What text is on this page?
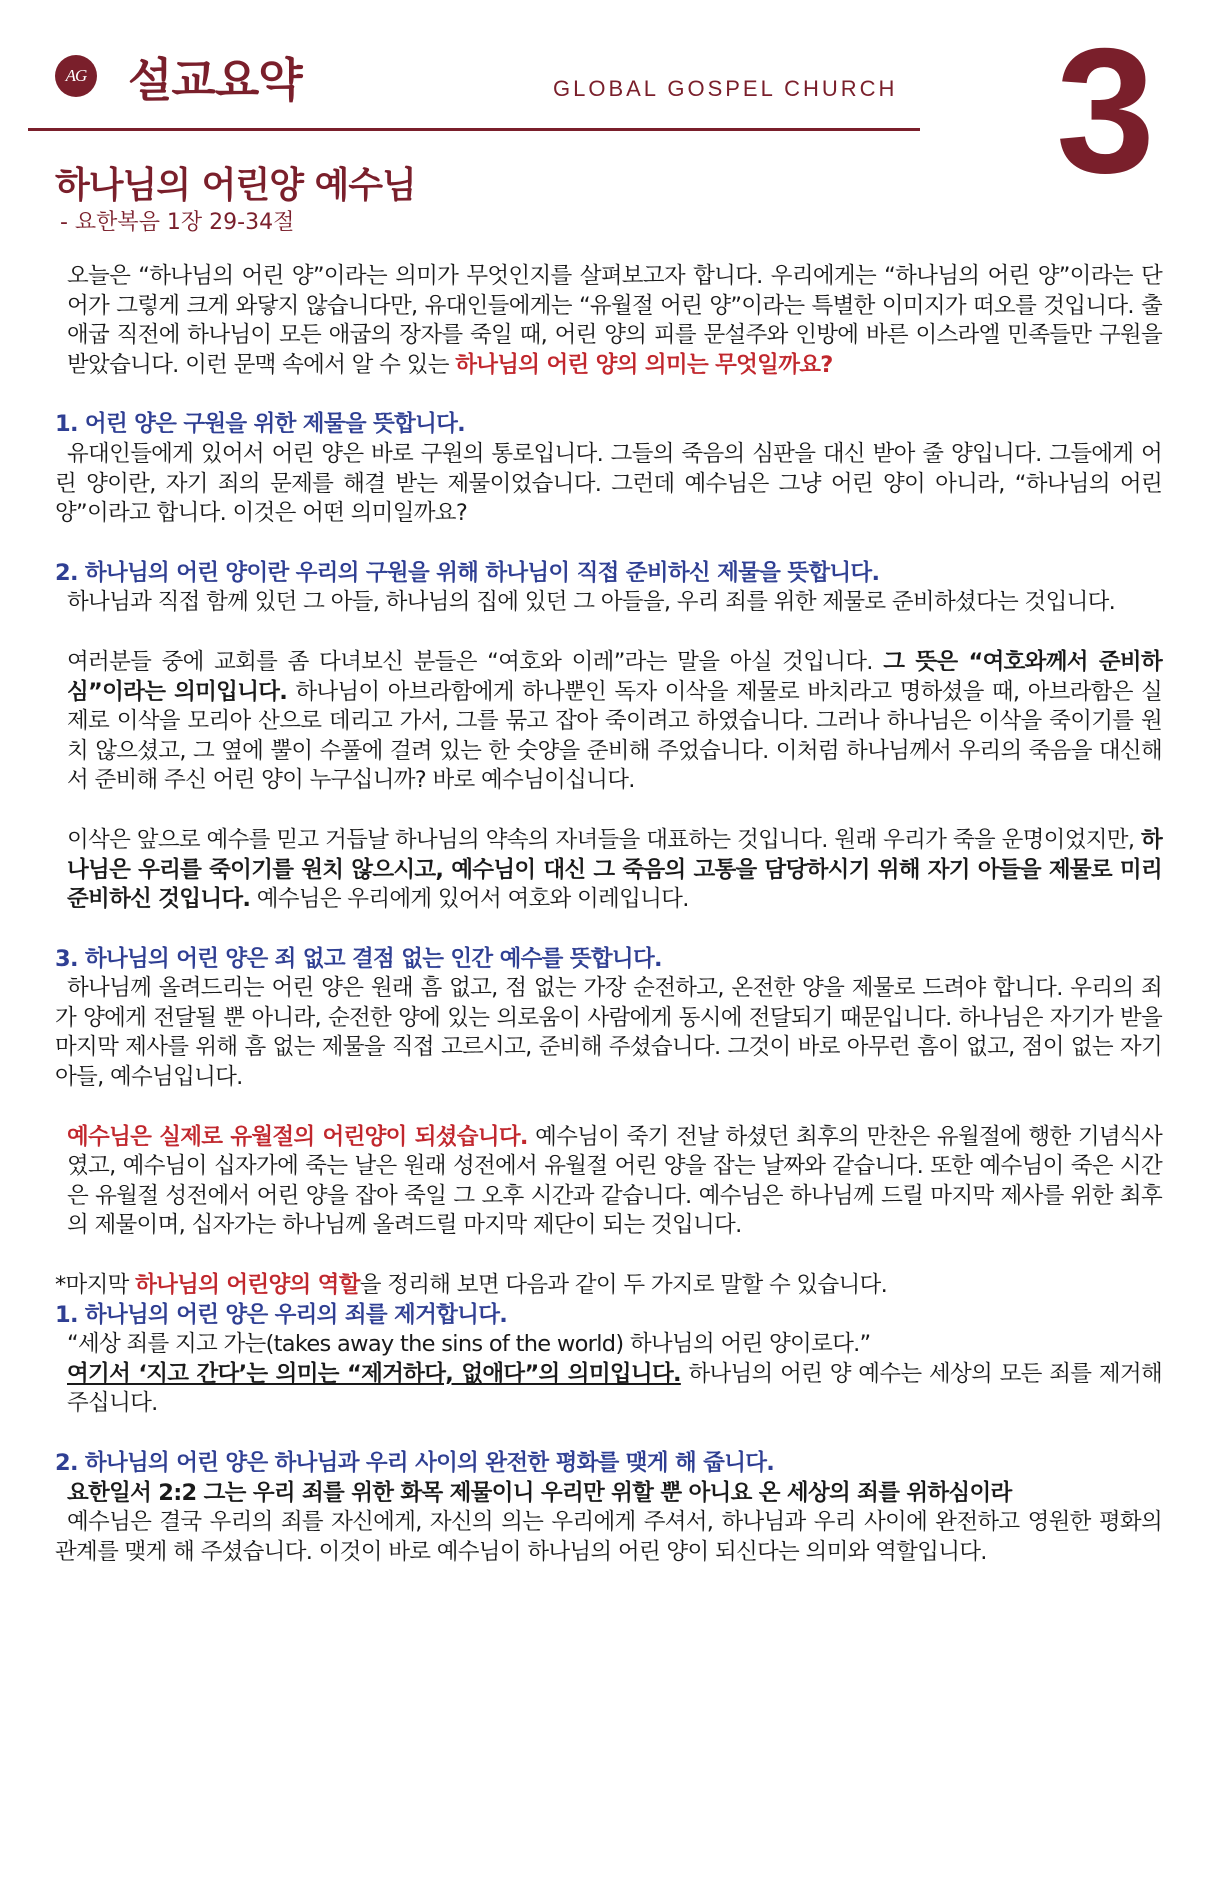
AG 설교요약	GLOBAL GOSPEL CHURCH 3
하나님의 어린양 예수님
- 요한복음 1장 29-34절

오늘은 “하나님의 어린 양”이라는 의미가 무엇인지를 살펴보고자 합니다. 우리에게는 “하나님의 어린 양”이라는 단어가 그렇게 크게 와닿지 않습니다만, 유대인들에게는 “유월절 어린 양”이라는 특별한 이미지가 떠오를 것입니다. 출애굽 직전에 하나님이 모든 애굽의 장자를 죽일 때, 어린 양의 피를 문설주와 인방에 바른 이스라엘 민족들만 구원을 받았습니다. 이런 문맥 속에서 알 수 있는 하나님의 어린 양의 의미는 무엇일까요?

1. 어린 양은 구원을 위한 제물을 뜻합니다.
유대인들에게 있어서 어린 양은 바로 구원의 통로입니다. 그들의 죽음의 심판을 대신 받아 줄 양입니다. 그들에게 어린 양이란, 자기 죄의 문제를 해결 받는 제물이었습니다. 그런데 예수님은 그냥 어린 양이 아니라, “하나님의 어린 양”이라고 합니다. 이것은 어떤 의미일까요?

2. 하나님의 어린 양이란 우리의 구원을 위해 하나님이 직접 준비하신 제물을 뜻합니다.
하나님과 직접 함께 있던 그 아들, 하나님의 집에 있던 그 아들을, 우리 죄를 위한 제물로 준비하셨다는 것입니다.

여러분들 중에 교회를 좀 다녀보신 분들은 “여호와 이레”라는 말을 아실 것입니다. 그 뜻은 “여호와께서 준비하심”이라는 의미입니다. 하나님이 아브라함에게 하나뿐인 독자 이삭을 제물로 바치라고 명하셨을 때, 아브라함은 실제로 이삭을 모리아 산으로 데리고 가서, 그를 묶고 잡아 죽이려고 하였습니다. 그러나 하나님은 이삭을 죽이기를 원치 않으셨고, 그 옆에 뿔이 수풀에 걸려 있는 한 숫양을 준비해 주었습니다. 이처럼 하나님께서 우리의 죽음을 대신해서 준비해 주신 어린 양이 누구십니까? 바로 예수님이십니다.

이삭은 앞으로 예수를 믿고 거듭날 하나님의 약속의 자녀들을 대표하는 것입니다. 원래 우리가 죽을 운명이었지만, 하나님은 우리를 죽이기를 원치 않으시고, 예수님이 대신 그 죽음의 고통을 담당하시기 위해 자기 아들을 제물로 미리 준비하신 것입니다. 예수님은 우리에게 있어서 여호와 이레입니다.

3. 하나님의 어린 양은 죄 없고 결점 없는 인간 예수를 뜻합니다.
하나님께 올려드리는 어린 양은 원래 흠 없고, 점 없는 가장 순전하고, 온전한 양을 제물로 드려야 합니다. 우리의 죄가 양에게 전달될 뿐 아니라, 순전한 양에 있는 의로움이 사람에게 동시에 전달되기 때문입니다. 하나님은 자기가 받을 마지막 제사를 위해 흠 없는 제물을 직접 고르시고, 준비해 주셨습니다. 그것이 바로 아무런 흠이 없고, 점이 없는 자기 아들, 예수님입니다.

예수님은 실제로 유월절의 어린양이 되셨습니다. 예수님이 죽기 전날 하셨던 최후의 만찬은 유월절에 행한 기념식사였고, 예수님이 십자가에 죽는 날은 원래 성전에서 유월절 어린 양을 잡는 날짜와 같습니다. 또한 예수님이 죽은 시간은 유월절 성전에서 어린 양을 잡아 죽일 그 오후 시간과 같습니다. 예수님은 하나님께 드릴 마지막 제사를 위한 최후의 제물이며, 십자가는 하나님께 올려드릴 마지막 제단이 되는 것입니다.

*마지막 하나님의 어린양의 역할을 정리해 보면 다음과 같이 두 가지로 말할 수 있습니다.
1. 하나님의 어린 양은 우리의 죄를 제거합니다.
“세상 죄를 지고 가는(takes away the sins of the world) 하나님의 어린 양이로다.”
여기서 ‘지고 간다’는 의미는 “제거하다, 없애다”의 의미입니다. 하나님의 어린 양 예수는 세상의 모든 죄를 제거해 주십니다.

2. 하나님의 어린 양은 하나님과 우리 사이의 완전한 평화를 맺게 해 줍니다.
요한일서 2:2 그는 우리 죄를 위한 화목 제물이니 우리만 위할 뿐 아니요 온 세상의 죄를 위하심이라
예수님은 결국 우리의 죄를 자신에게, 자신의 의는 우리에게 주셔서, 하나님과 우리 사이에 완전하고 영원한 평화의 관계를 맺게 해 주셨습니다. 이것이 바로 예수님이 하나님의 어린 양이 되신다는 의미와 역할입니다.
